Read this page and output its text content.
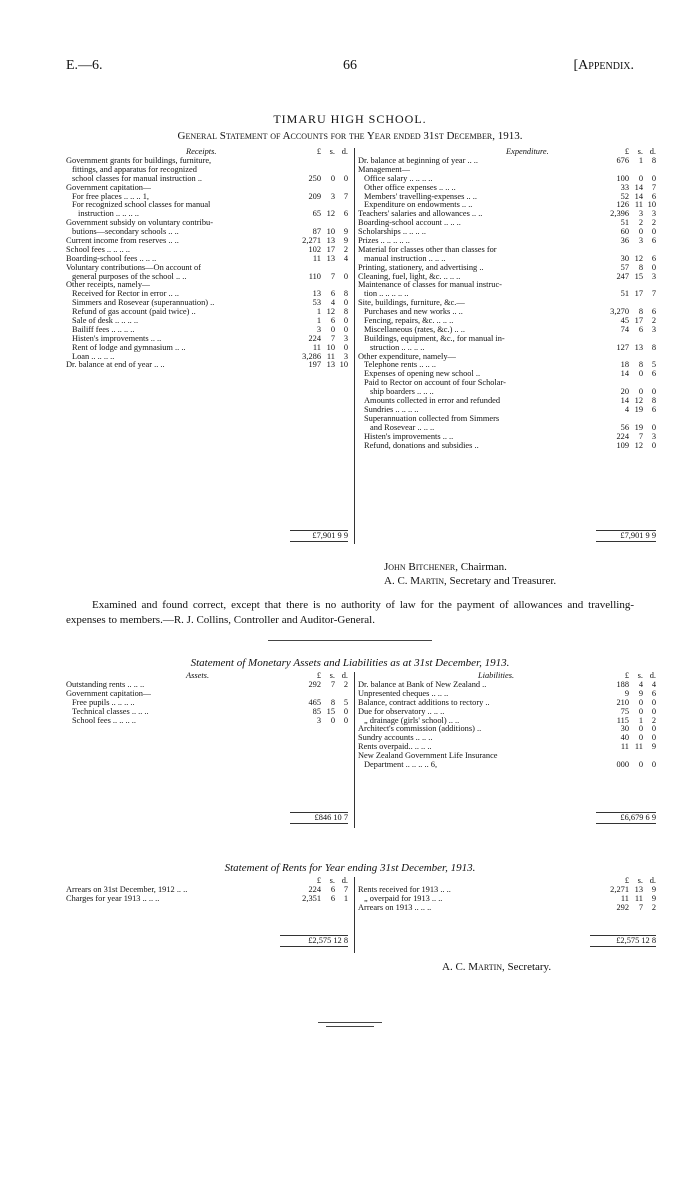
E.—6.	66	[Appendix.
TIMARU HIGH SCHOOL.
General Statement of Accounts for the Year ended 31st December, 1913.
Receipts.	£ s. d.
Government grants for buildings, furniture,
fittings, and apparatus for recognized
school classes for manual instruction ..	250 0 0
Government capitation—
For free places .. .. .. 1,	209 3 7
For recognized school classes for manual
instruction .. .. .. ..	65 12 6
Government subsidy on voluntary contribu-
butions—secondary schools .. ..	87 10 9
Current income from reserves .. ..	2,271 13 9
School fees .. .. .. ..	102 17 2
Boarding-school fees .. .. ..	11 13 4
Voluntary contributions—On account of
general purposes of the school .. ..	110 7 0
Other receipts, namely—
Received for Rector in error .. ..	13 6 8
Simmers and Rosevear (superannuation) ..	53 4 0
Refund of gas account (paid twice) ..	1 12 8
Sale of desk .. .. .. ..	1 6 0
Bailiff fees .. .. .. ..	3 0 0
Histen's improvements .. ..	224 7 3
Rent of lodge and gymnasium .. ..	11 10 0
Loan .. .. .. ..	3,286 11 3
Dr. balance at end of year .. ..	197 13 10
Expenditure.	£ s. d.
Dr. balance at beginning of year .. ..	676 1 8
Management—
Office salary .. .. .. ..	100 0 0
Other office expenses .. .. ..	33 14 7
Members' travelling-expenses .. ..	52 14 6
Expenditure on endowments .. ..	126 11 10
Teachers' salaries and allowances .. ..	2,396 3 3
Boarding-school account .. .. ..	51 2 2
Scholarships .. .. .. ..	60 0 0
Prizes .. .. .. .. ..	36 3 6
Material for classes other than classes for
manual instruction .. .. ..	30 12 6
Printing, stationery, and advertising ..	57 8 0
Cleaning, fuel, light, &c. .. .. ..	247 15 3
Maintenance of classes for manual instruc-
tion .. .. .. .. ..	51 17 7
Site, buildings, furniture, &c.—
Purchases and new works .. ..	3,270 8 6
Fencing, repairs, &c. .. .. ..	45 17 2
Miscellaneous (rates, &c.) .. ..	74 6 3
Buildings, equipment, &c., for manual in-
struction .. .. .. ..	127 13 8
Other expenditure, namely—
Telephone rents .. .. ..	18 8 5
Expenses of opening new school ..	14 0 6
Paid to Rector on account of four Scholar-
ship boarders .. .. ..	20 0 0
Amounts collected in error and refunded	14 12 8
Sundries .. .. .. ..	4 19 6
Superannuation collected from Simmers
and Rosevear .. .. ..	56 19 0
Histen's improvements .. ..	224 7 3
Refund, donations and subsidies ..	109 12 0
£7,901 9 9	£7,901 9 9
John Bitchener, Chairman.
A. C. Martin, Secretary and Treasurer.
Examined and found correct, except that there is no authority of law for the payment of allowances and travelling-expenses to members.—R. J. Collins, Controller and Auditor-General.
Statement of Monetary Assets and Liabilities as at 31st December, 1913.
Assets.	£ s. d.
Outstanding rents .. .. ..	292 7 2
Government capitation—
Free pupils .. .. .. ..	465 8 5
Technical classes .. .. ..	85 15 0
School fees .. .. .. ..	3 0 0
Liabilities.	£ s. d.
Dr. balance at Bank of New Zealand ..	188 4 4
Unpresented cheques .. .. ..	9 9 6
Balance, contract additions to rectory ..	210 0 0
Due for observatory .. .. ..	75 0 0
„ drainage (girls' school) .. ..	115 1 2
Architect's commission (additions) ..	30 0 0
Sundry accounts .. .. ..	40 0 0
Rents overpaid.. .. .. ..	11 11 9
New Zealand Government Life Insurance
Department .. .. .. .. 6,	000 0 0
£846 10 7	£6,679 6 9
Statement of Rents for Year ending 31st December, 1913.
£ s. d.
Arrears on 31st December, 1912 .. ..	224 6 7
Charges for year 1913 .. .. ..	2,351 6 1
£ s. d.
Rents received for 1913 .. ..	2,271 13 9
„ overpaid for 1913 .. ..	11 11 9
Arrears on 1913 .. .. ..	292 7 2
£2,575 12 8	£2,575 12 8
A. C. Martin, Secretary.
